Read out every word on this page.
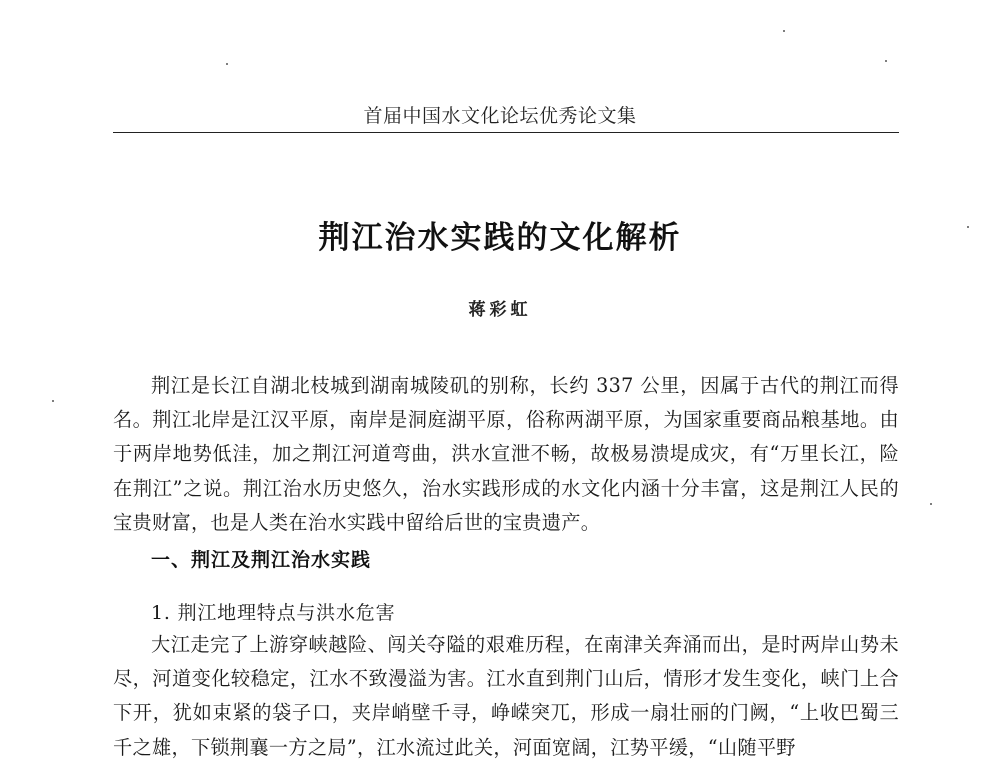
首届中国水文化论坛优秀论文集
荆江治水实践的文化解析
蒋彩虹

荆江是长江自湖北枝城到湖南城陵矶的别称，长约 337 公里，因属于古代的荆江而得名。荆江北岸是江汉平原，南岸是洞庭湖平原，俗称两湖平原，为国家重要商品粮基地。由于两岸地势低洼，加之荆江河道弯曲，洪水宣泄不畅，故极易溃堤成灾，有“万里长江，险在荆江”之说。荆江治水历史悠久，治水实践形成的水文化内涵十分丰富，这是荆江人民的宝贵财富，也是人类在治水实践中留给后世的宝贵遗产。

一、荆江及荆江治水实践
1. 荆江地理特点与洪水危害

大江走完了上游穿峡越险、闯关夺隘的艰难历程，在南津关奔涌而出，是时两岸山势未尽，河道变化较稳定，江水不致漫溢为害。江水直到荆门山后，情形才发生变化，峡门上合下开，犹如束紧的袋子口，夹岸峭壁千寻，峥嵘突兀，形成一扇壮丽的门阙，“上收巴蜀三千之雄，下锁荆襄一方之局”，江水流过此关，河面宽阔，江势平缓，“山随平野
